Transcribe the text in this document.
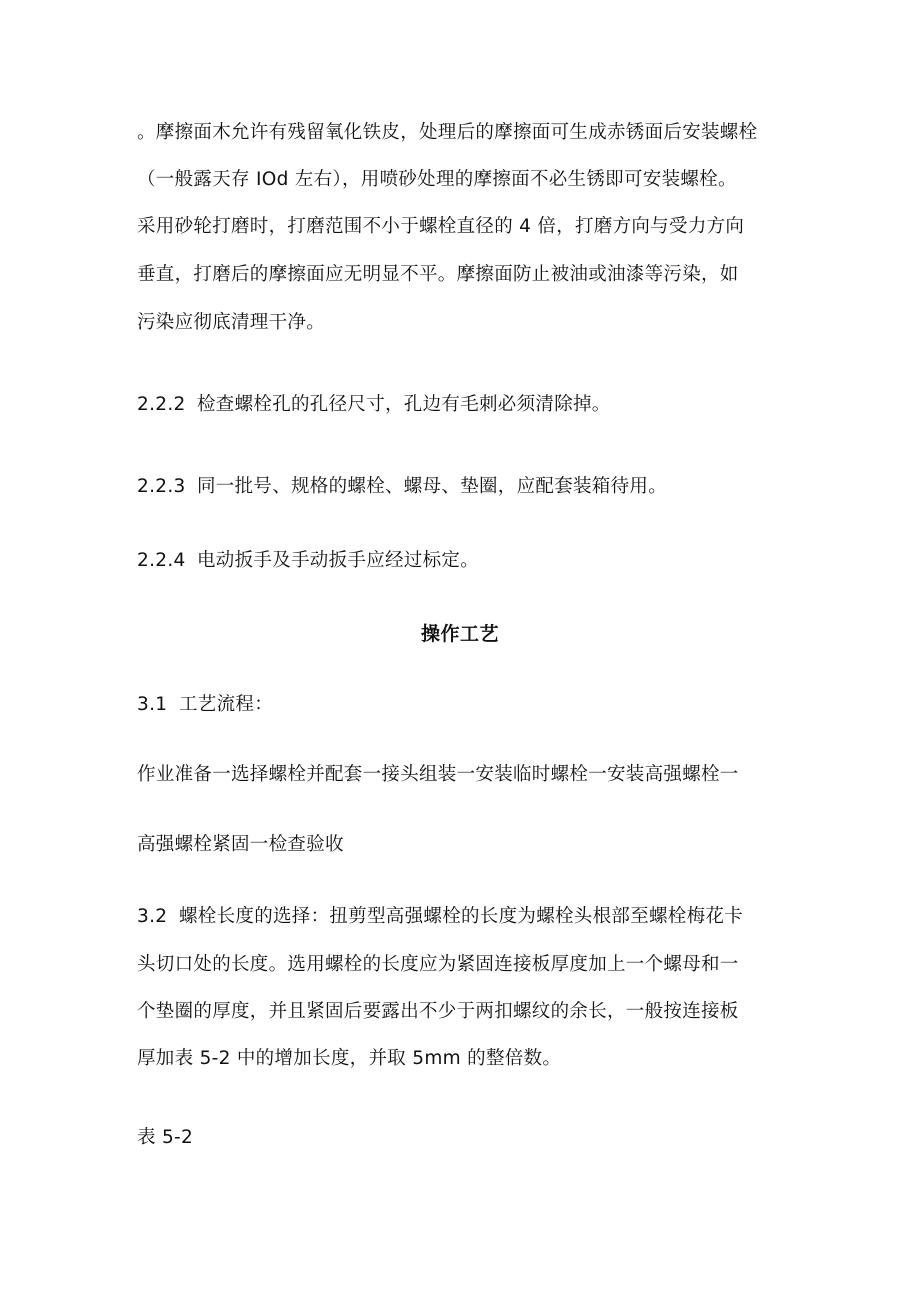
。摩擦面木允许有残留氧化铁皮，处理后的摩擦面可生成赤锈面后安装螺栓
（一般露天存 IOd 左右），用喷砂处理的摩擦面不必生锈即可安装螺栓。
采用砂轮打磨时，打磨范围不小于螺栓直径的 4 倍，打磨方向与受力方向
垂直，打磨后的摩擦面应无明显不平。摩擦面防止被油或油漆等污染，如
污染应彻底清理干净。
2.2.2 检查螺栓孔的孔径尺寸，孔边有毛刺必须清除掉。
2.2.3 同一批号、规格的螺栓、螺母、垫圈，应配套装箱待用。
2.2.4 电动扳手及手动扳手应经过标定。
操作工艺
3.1 工艺流程：
作业准备一选择螺栓并配套一接头组装一安装临时螺栓一安装高强螺栓一
高强螺栓紧固一检查验收
3.2 螺栓长度的选择：扭剪型高强螺栓的长度为螺栓头根部至螺栓梅花卡
头切口处的长度。选用螺栓的长度应为紧固连接板厚度加上一个螺母和一
个垫圈的厚度，并且紧固后要露出不少于两扣螺纹的余长，一般按连接板
厚加表 5-2 中的增加长度，并取 5mm 的整倍数。
表 5-2
